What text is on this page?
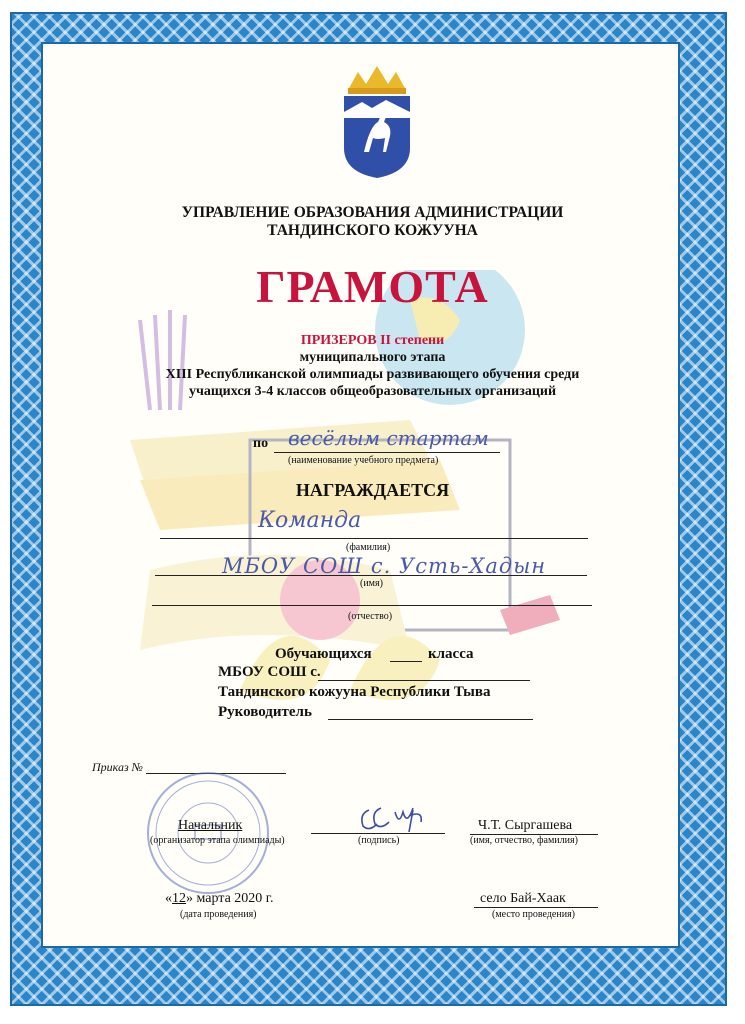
УПРАВЛЕНИЕ ОБРАЗОВАНИЯ АДМИНИСТРАЦИИ
ТАНДИНСКОГО КОЖУУНА
ГРАМОТА
ПРИЗЕРОВ II степени
муниципального этапа
XIII Республиканской олимпиады развивающего обучения среди
учащихся 3-4 классов общеобразовательных организаций
по весёлым стартам
(наименование учебного предмета)
НАГРАЖДАЕТСЯ
Команда
(фамилия)
МБОУ СОШ с. Усть-Хадын
(имя)
(отчество)
Обучающихся	класса
МБОУ СОШ с.
Тандинского кожууна Республики Тыва
Руководитель
Приказ №
Начальник
(организатор этапа олимпиады)	(подпись)
Ч.Т. Сыргашева
(имя, отчество, фамилия)
«12» марта 2020 г.
(дата проведения)
село Бай-Хаак
(место проведения)
